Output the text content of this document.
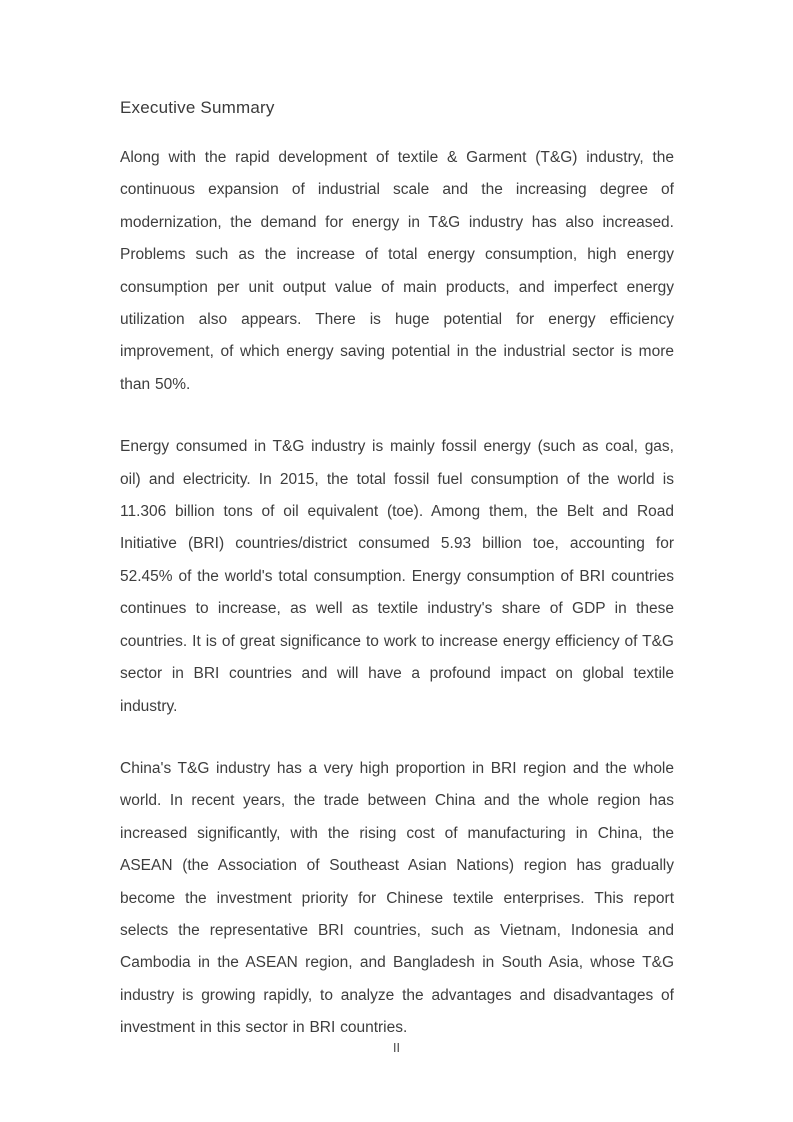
Executive Summary

Along with the rapid development of textile & Garment (T&G) industry, the continuous expansion of industrial scale and the increasing degree of modernization, the demand for energy in T&G industry has also increased. Problems such as the increase of total energy consumption, high energy consumption per unit output value of main products, and imperfect energy utilization also appears. There is huge potential for energy efficiency improvement, of which energy saving potential in the industrial sector is more than 50%.

Energy consumed in T&G industry is mainly fossil energy (such as coal, gas, oil) and electricity. In 2015, the total fossil fuel consumption of the world is 11.306 billion tons of oil equivalent (toe). Among them, the Belt and Road Initiative (BRI) countries/district consumed 5.93 billion toe, accounting for 52.45% of the world's total consumption. Energy consumption of BRI countries continues to increase, as well as textile industry's share of GDP in these countries. It is of great significance to work to increase energy efficiency of T&G sector in BRI countries and will have a profound impact on global textile industry.

China's T&G industry has a very high proportion in BRI region and the whole world. In recent years, the trade between China and the whole region has increased significantly, with the rising cost of manufacturing in China, the ASEAN (the Association of Southeast Asian Nations) region has gradually become the investment priority for Chinese textile enterprises. This report selects the representative BRI countries, such as Vietnam, Indonesia and Cambodia in the ASEAN region, and Bangladesh in South Asia, whose T&G industry is growing rapidly, to analyze the advantages and disadvantages of investment in this sector in BRI countries.

II
